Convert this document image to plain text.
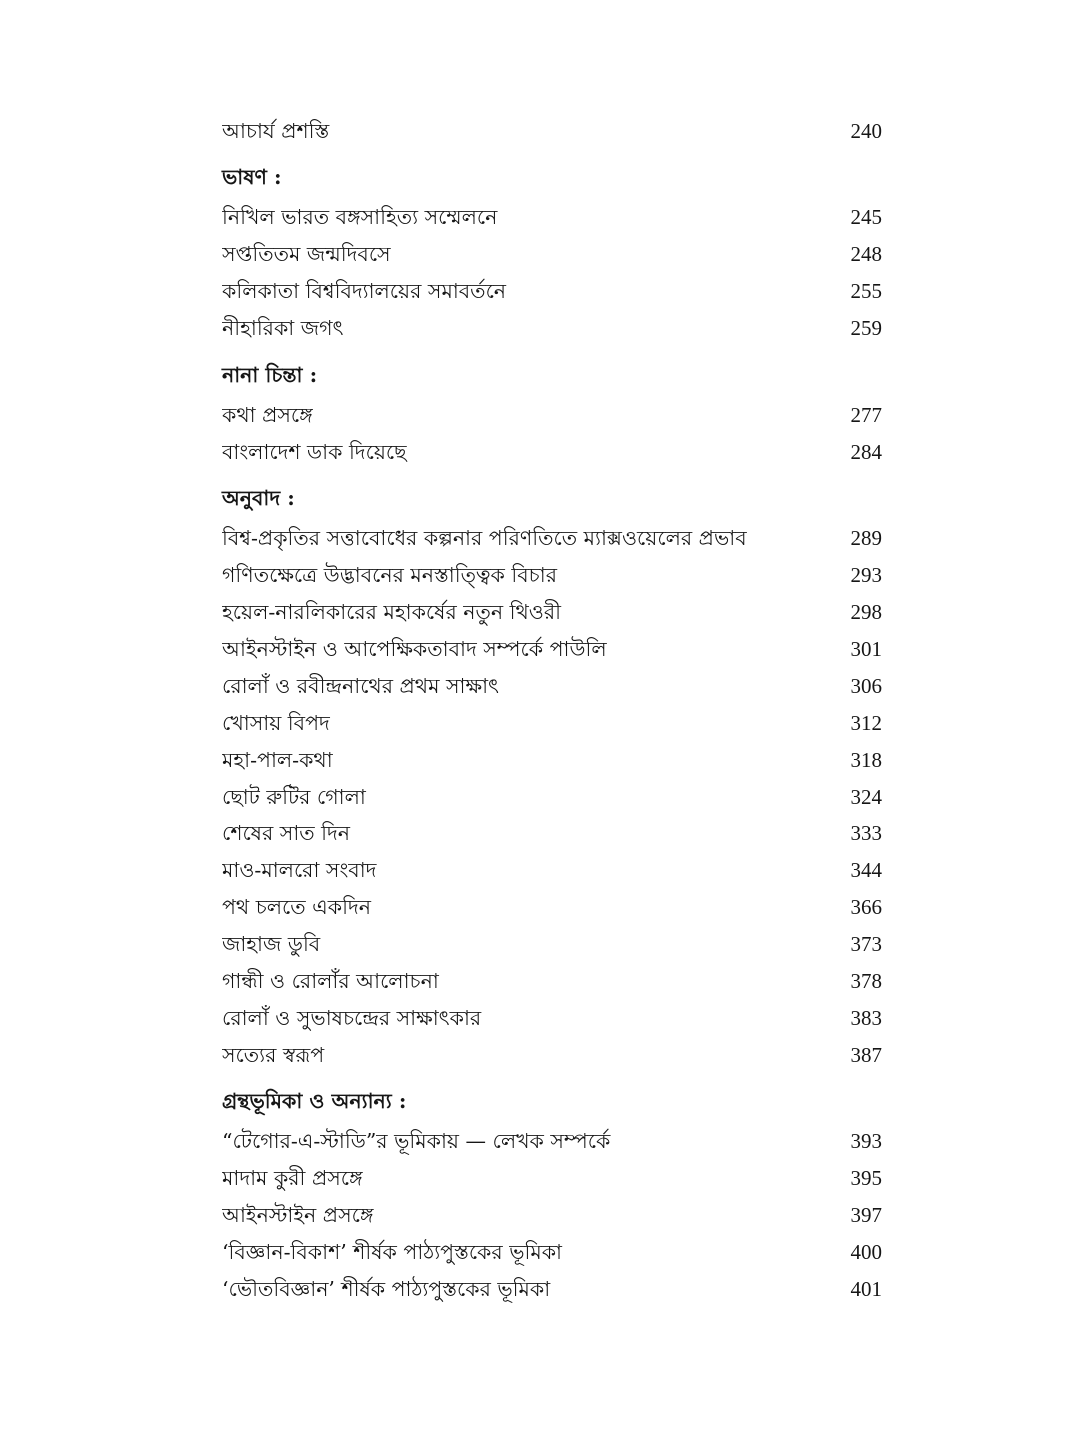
আচার্য প্রশস্তি	240
ভাষণ :
নিখিল ভারত বঙ্গসাহিত্য সম্মেলনে	245
সপ্ততিতম জন্মদিবসে	248
কলিকাতা বিশ্ববিদ্যালয়ের সমাবর্তনে	255
নীহারিকা জগৎ	259
নানা চিন্তা :
কথা প্রসঙ্গে	277
বাংলাদেশ ডাক দিয়েছে	284
অনুবাদ :
বিশ্ব-প্রকৃতির সত্তাবোধের কল্পনার পরিণতিতে ম্যাক্সওয়েলের প্রভাব	289
গণিতক্ষেত্রে উদ্ভাবনের মনস্তাত্ত্বিক বিচার	293
হয়েল-নারলিকারের মহাকর্ষের নতুন থিওরী	298
আইনস্টাইন ও আপেক্ষিকতাবাদ সম্পর্কে পাউলি	301
রোলাঁ ও রবীন্দ্রনাথের প্রথম সাক্ষাৎ	306
খোসায় বিপদ	312
মহা-পাল-কথা	318
ছোট রুটির গোলা	324
শেষের সাত দিন	333
মাও-মালরো সংবাদ	344
পথ চলতে একদিন	366
জাহাজ ডুবি	373
গান্ধী ও রোলাঁর আলোচনা	378
রোলাঁ ও সুভাষচন্দ্রের সাক্ষাৎকার	383
সত্যের স্বরূপ	387
গ্রন্থভূমিকা ও অন্যান্য :
“টেগোর-এ-স্টাডি”র ভূমিকায় — লেখক সম্পর্কে	393
মাদাম কুরী প্রসঙ্গে	395
আইনস্টাইন প্রসঙ্গে	397
‘বিজ্ঞান-বিকাশ’ শীর্ষক পাঠ্যপুস্তকের ভূমিকা	400
‘ভৌতবিজ্ঞান’ শীর্ষক পাঠ্যপুস্তকের ভূমিকা	401
